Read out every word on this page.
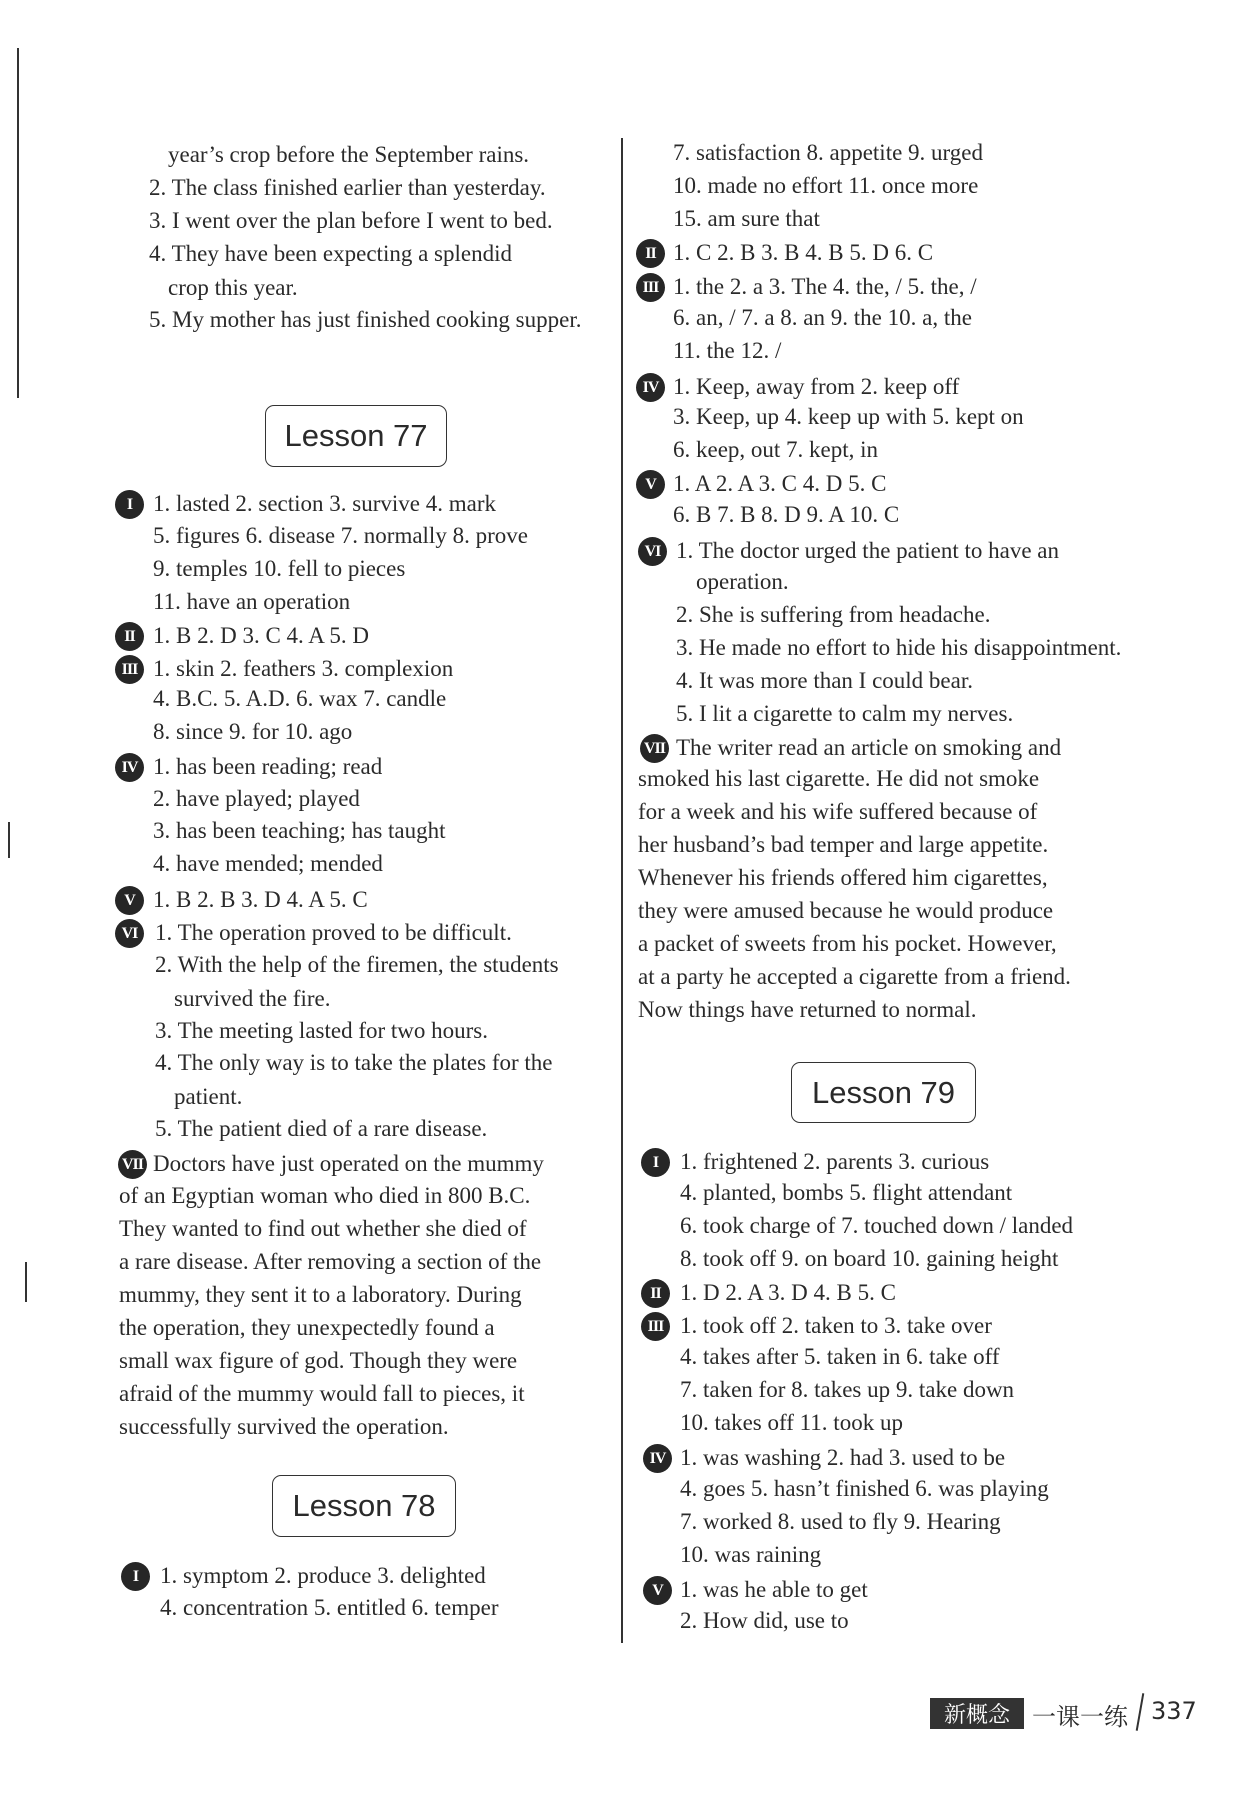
year’s crop before the September rains.
2. The class finished earlier than yesterday.
3. I went over the plan before I went to bed.
4. They have been expecting a splendid
crop this year.
5. My mother has just finished cooking supper.
Lesson 77
I 1. lasted 2. section 3. survive 4. mark
5. figures 6. disease 7. normally 8. prove
9. temples 10. fell to pieces
11. have an operation
II 1. B 2. D 3. C 4. A 5. D
III 1. skin 2. feathers 3. complexion
4. B.C. 5. A.D. 6. wax 7. candle
8. since 9. for 10. ago
IV 1. has been reading; read
2. have played; played
3. has been teaching; has taught
4. have mended; mended
V 1. B 2. B 3. D 4. A 5. C
VI 1. The operation proved to be difficult.
2. With the help of the firemen, the students
survived the fire.
3. The meeting lasted for two hours.
4. The only way is to take the plates for the
patient.
5. The patient died of a rare disease.
VII Doctors have just operated on the mummy
of an Egyptian woman who died in 800 B.C.
They wanted to find out whether she died of
a rare disease. After removing a section of the
mummy, they sent it to a laboratory. During
the operation, they unexpectedly found a
small wax figure of god. Though they were
afraid of the mummy would fall to pieces, it
successfully survived the operation.
Lesson 78
I 1. symptom 2. produce 3. delighted
4. concentration 5. entitled 6. temper
7. satisfaction 8. appetite 9. urged
10. made no effort 11. once more
15. am sure that
II 1. C 2. B 3. B 4. B 5. D 6. C
III 1. the 2. a 3. The 4. the, / 5. the, /
6. an, / 7. a 8. an 9. the 10. a, the
11. the 12. /
IV 1. Keep, away from 2. keep off
3. Keep, up 4. keep up with 5. kept on
6. keep, out 7. kept, in
V 1. A 2. A 3. C 4. D 5. C
6. B 7. B 8. D 9. A 10. C
VI 1. The doctor urged the patient to have an
operation.
2. She is suffering from headache.
3. He made no effort to hide his disappointment.
4. It was more than I could bear.
5. I lit a cigarette to calm my nerves.
VII The writer read an article on smoking and
smoked his last cigarette. He did not smoke
for a week and his wife suffered because of
her husband’s bad temper and large appetite.
Whenever his friends offered him cigarettes,
they were amused because he would produce
a packet of sweets from his pocket. However,
at a party he accepted a cigarette from a friend.
Now things have returned to normal.
Lesson 79
I 1. frightened 2. parents 3. curious
4. planted, bombs 5. flight attendant
6. took charge of 7. touched down / landed
8. took off 9. on board 10. gaining height
II 1. D 2. A 3. D 4. B 5. C
III 1. took off 2. taken to 3. take over
4. takes after 5. taken in 6. take off
7. taken for 8. takes up 9. take down
10. takes off 11. took up
IV 1. was washing 2. had 3. used to be
4. goes 5. hasn’t finished 6. was playing
7. worked 8. used to fly 9. Hearing
10. was raining
V 1. was he able to get
2. How did, use to
新概念 一课一练 337
